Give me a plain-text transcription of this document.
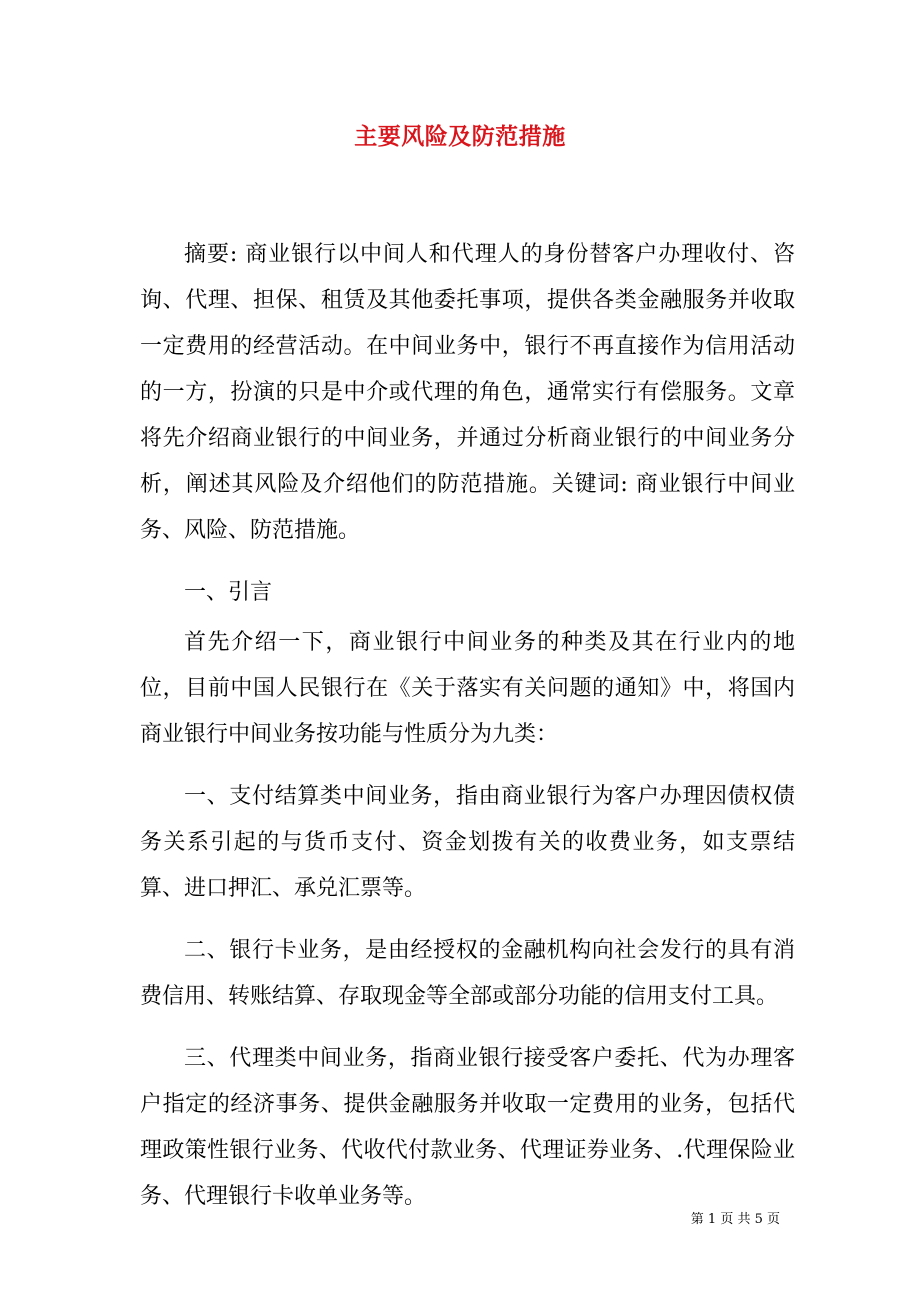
主要风险及防范措施

摘要: 商业银行以中间人和代理人的身份替客户办理收付、咨询、代理、担保、租赁及其他委托事项，提供各类金融服务并收取一定费用的经营活动。在中间业务中，银行不再直接作为信用活动的一方，扮演的只是中介或代理的角色，通常实行有偿服务。文章将先介绍商业银行的中间业务，并通过分析商业银行的中间业务分析，阐述其风险及介绍他们的防范措施。关键词: 商业银行中间业务、风险、防范措施。

一、引言

首先介绍一下，商业银行中间业务的种类及其在行业内的地位，目前中国人民银行在《关于落实有关问题的通知》中，将国内商业银行中间业务按功能与性质分为九类：

一、支付结算类中间业务，指由商业银行为客户办理因债权债务关系引起的与货币支付、资金划拨有关的收费业务，如支票结算、进口押汇、承兑汇票等。

二、银行卡业务，是由经授权的金融机构向社会发行的具有消费信用、转账结算、存取现金等全部或部分功能的信用支付工具。

三、代理类中间业务，指商业银行接受客户委托、代为办理客户指定的经济事务、提供金融服务并收取一定费用的业务，包括代理政策性银行业务、代收代付款业务、代理证券业务、.代理保险业务、代理银行卡收单业务等。

第 1 页 共 5 页
